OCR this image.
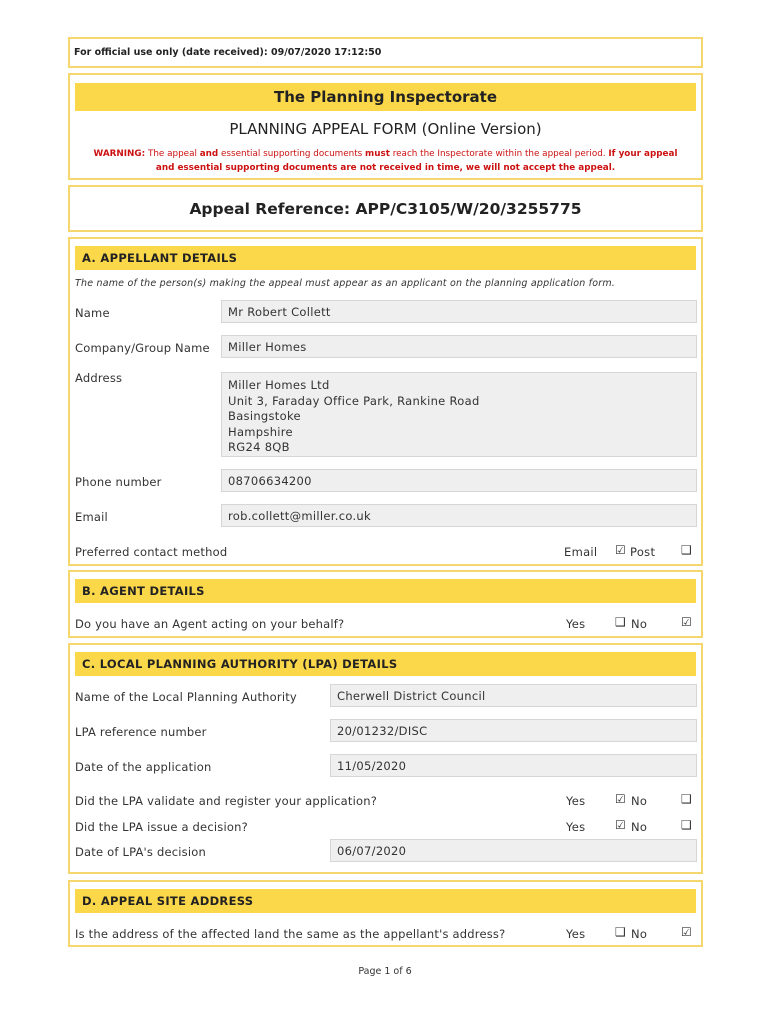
For official use only (date received): 09/07/2020 17:12:50
The Planning Inspectorate
PLANNING APPEAL FORM (Online Version)
WARNING: The appeal and essential supporting documents must reach the Inspectorate within the appeal period. If your appeal
and essential supporting documents are not received in time, we will not accept the appeal.
Appeal Reference: APP/C3105/W/20/3255775
A. APPELLANT DETAILS
The name of the person(s) making the appeal must appear as an applicant on the planning application form.
Name	Mr Robert Collett
Company/Group Name	Miller Homes
Address	Miller Homes Ltd
Unit 3, Faraday Office Park, Rankine Road
Basingstoke
Hampshire
RG24 8QB
Phone number	08706634200
Email	rob.collett@miller.co.uk
Preferred contact method	Email ☑ Post ❑
B. AGENT DETAILS
Do you have an Agent acting on your behalf?	Yes ❑ No	☑
C. LOCAL PLANNING AUTHORITY (LPA) DETAILS
Name of the Local Planning Authority	Cherwell District Council
LPA reference number	20/01232/DISC
Date of the application	11/05/2020
Did the LPA validate and register your application?	Yes ☑ No	❑
Did the LPA issue a decision?	Yes ☑ No	❑
Date of LPA's decision	06/07/2020
D. APPEAL SITE ADDRESS
Is the address of the affected land the same as the appellant's address?	Yes ❑ No	☑
Page 1 of 6
